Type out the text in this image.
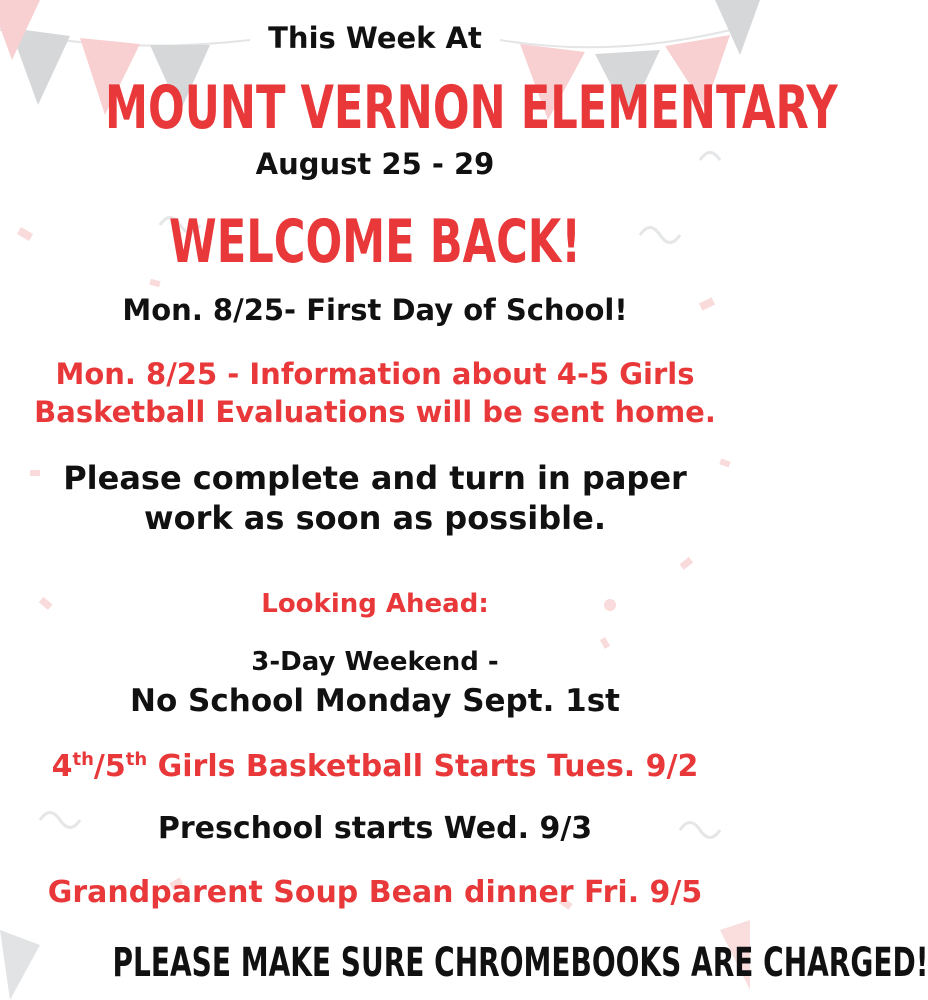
This Week At
MOUNT VERNON ELEMENTARY
August 25 - 29
WELCOME BACK!
Mon. 8/25- First Day of School!
Mon. 8/25 - Information about 4-5 Girls
Basketball Evaluations will be sent home.
Please complete and turn in paper
work as soon as possible.
Looking Ahead:
3-Day Weekend -
No School Monday Sept. 1st
4th/5th Girls Basketball Starts Tues. 9/2
Preschool starts Wed. 9/3
Grandparent Soup Bean dinner Fri. 9/5
PLEASE MAKE SURE CHROMEBOOKS ARE CHARGED!
